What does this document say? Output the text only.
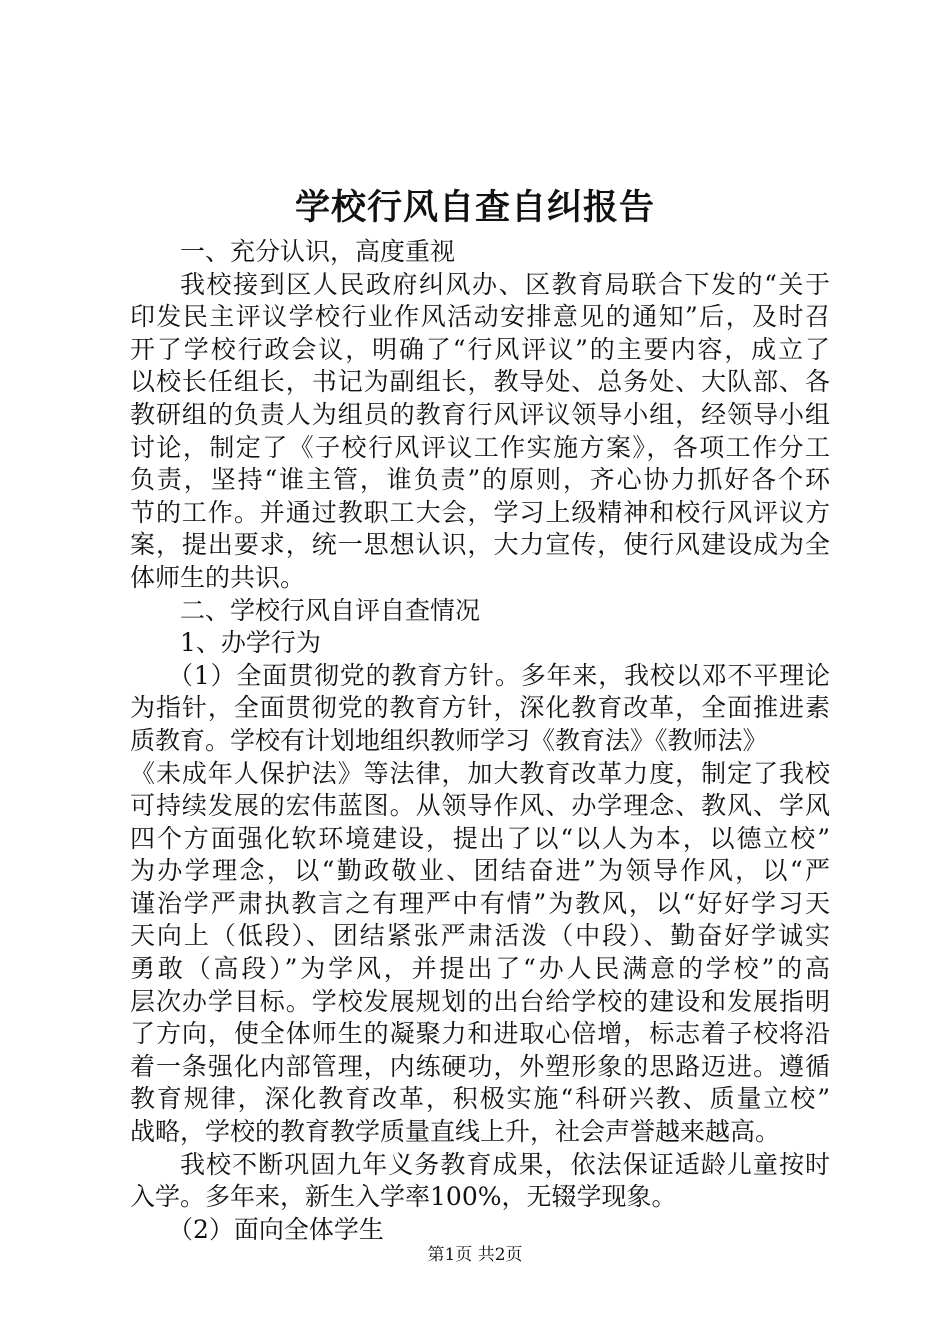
学校行风自查自纠报告
一、充分认识，高度重视
我校接到区人民政府纠风办、区教育局联合下发的“关于
印发民主评议学校行业作风活动安排意见的通知”后，及时召
开了学校行政会议，明确了“行风评议”的主要内容，成立了
以校长任组长，书记为副组长，教导处、总务处、大队部、各
教研组的负责人为组员的教育行风评议领导小组，经领导小组
讨论，制定了《子校行风评议工作实施方案》，各项工作分工
负责，坚持“谁主管，谁负责”的原则，齐心协力抓好各个环
节的工作。并通过教职工大会，学习上级精神和校行风评议方
案，提出要求，统一思想认识，大力宣传，使行风建设成为全
体师生的共识。
二、学校行风自评自查情况
1、办学行为
（1）全面贯彻党的教育方针。多年来，我校以邓不平理论
为指针，全面贯彻党的教育方针，深化教育改革，全面推进素
质教育。学校有计划地组织教师学习《教育法》《教师法》
《未成年人保护法》等法律，加大教育改革力度，制定了我校
可持续发展的宏伟蓝图。从领导作风、办学理念、教风、学风
四个方面强化软环境建设，提出了以“以人为本，以德立校”
为办学理念，以“勤政敬业、团结奋进”为领导作风，以“严
谨治学严肃执教言之有理严中有情”为教风，以“好好学习天
天向上（低段）、团结紧张严肃活泼（中段）、勤奋好学诚实
勇敢（高段）”为学风，并提出了“办人民满意的学校”的高
层次办学目标。学校发展规划的出台给学校的建设和发展指明
了方向，使全体师生的凝聚力和进取心倍增，标志着子校将沿
着一条强化内部管理，内练硬功，外塑形象的思路迈进。遵循
教育规律，深化教育改革，积极实施“科研兴教、质量立校”
战略，学校的教育教学质量直线上升，社会声誉越来越高。
我校不断巩固九年义务教育成果，依法保证适龄儿童按时
入学。多年来，新生入学率100%，无辍学现象。
（2）面向全体学生
第1页 共2页
